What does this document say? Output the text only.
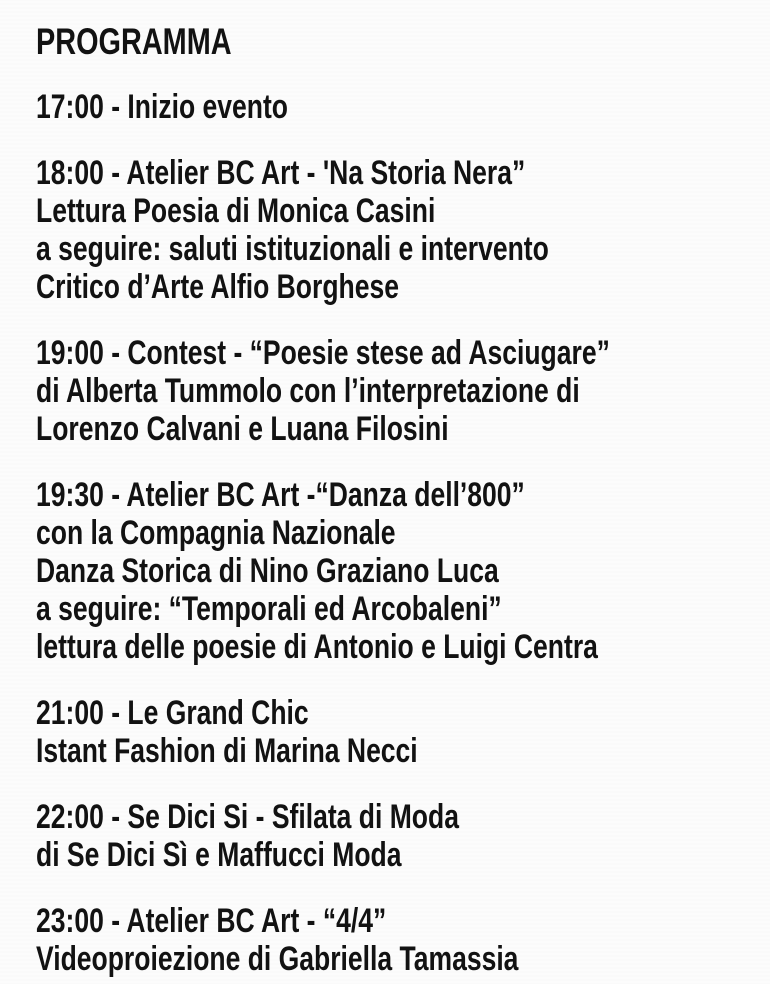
PROGRAMMA
17:00 - Inizio evento
18:00 - Atelier BC Art - 'Na Storia Nera”
Lettura Poesia di Monica Casini
a seguire: saluti istituzionali e intervento
Critico d’Arte Alfio Borghese
19:00 - Contest - “Poesie stese ad Asciugare”
di Alberta Tummolo con l’interpretazione di
Lorenzo Calvani e Luana Filosini
19:30 - Atelier BC Art -“Danza dell’800”
con la Compagnia Nazionale
Danza Storica di Nino Graziano Luca
a seguire: “Temporali ed Arcobaleni”
lettura delle poesie di Antonio e Luigi Centra
21:00 - Le Grand Chic
Istant Fashion di Marina Necci
22:00 - Se Dici Si - Sfilata di Moda
di Se Dici Sì e Maffucci Moda
23:00 - Atelier BC Art - “4/4”
Videoproiezione di Gabriella Tamassia
